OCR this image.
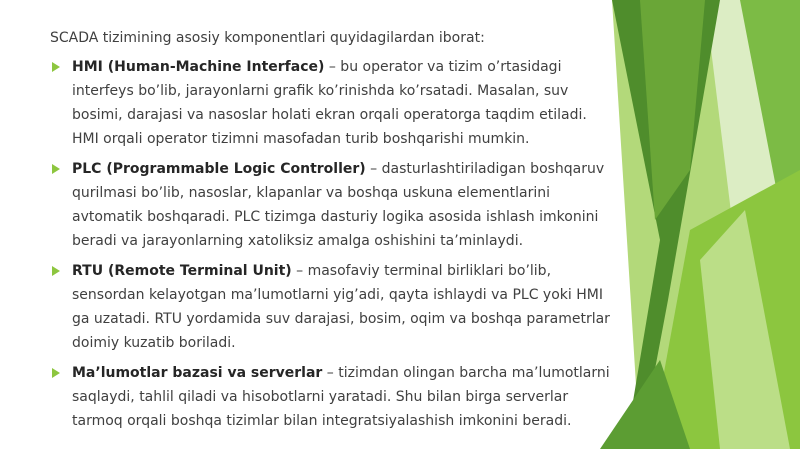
SCADA tizimining asosiy komponentlari quyidagilardan iborat:

HMI (Human-Machine Interface) – bu operator va tizim o’rtasidagi interfeys bo’lib, jarayonlarni grafik ko’rinishda ko’rsatadi. Masalan, suv bosimi, darajasi va nasoslar holati ekran orqali operatorga taqdim etiladi. HMI orqali operator tizimni masofadan turib boshqarishi mumkin.
PLC (Programmable Logic Controller) – dasturlashtiriladigan boshqaruv qurilmasi bo’lib, nasoslar, klapanlar va boshqa uskuna elementlarini avtomatik boshqaradi. PLC tizimga dasturiy logika asosida ishlash imkonini beradi va jarayonlarning xatoliksiz amalga oshishini ta’minlaydi.
RTU (Remote Terminal Unit) – masofaviy terminal birliklari bo’lib, sensordan kelayotgan ma’lumotlarni yig’adi, qayta ishlaydi va PLC yoki HMI ga uzatadi. RTU yordamida suv darajasi, bosim, oqim va boshqa parametrlar doimiy kuzatib boriladi.
Ma’lumotlar bazasi va serverlar – tizimdan olingan barcha ma’lumotlarni saqlaydi, tahlil qiladi va hisobotlarni yaratadi. Shu bilan birga serverlar tarmoq orqali boshqa tizimlar bilan integratsiyalashish imkonini beradi.
